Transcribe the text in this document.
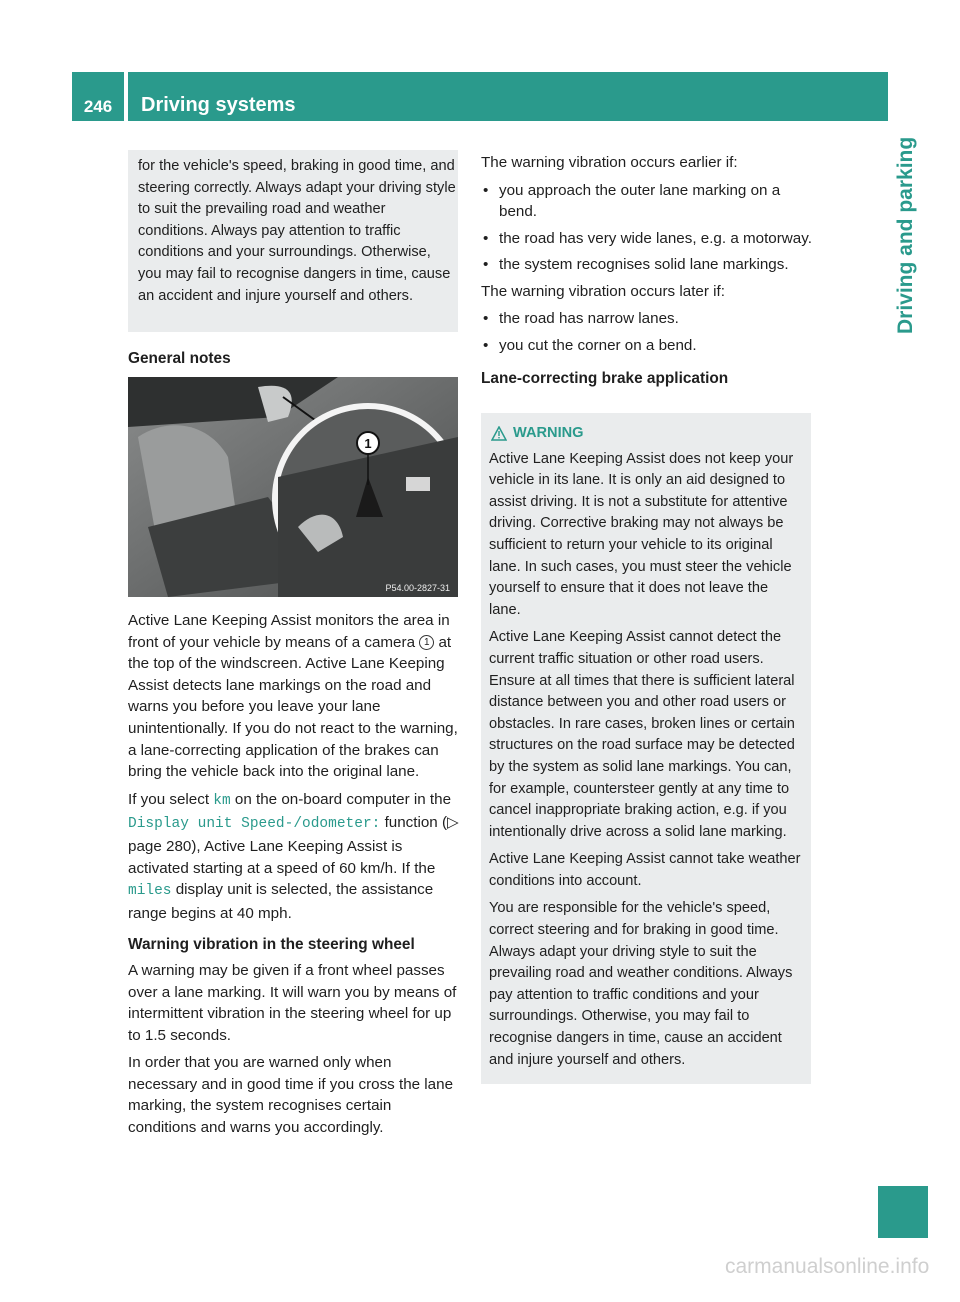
246	Driving systems
Driving and parking
for the vehicle's speed, braking in good time, and steering correctly. Always adapt your driving style to suit the prevailing road and weather conditions. Always pay attention to traffic conditions and your surroundings. Otherwise, you may fail to recognise dangers in time, cause an accident and injure yourself and others.
General notes
1
P54.00-2827-31

Active Lane Keeping Assist monitors the area in front of your vehicle by means of a camera 1 at the top of the windscreen. Active Lane Keeping Assist detects lane markings on the road and warns you before you leave your lane unintentionally. If you do not react to the warning, a lane-correcting application of the brakes can bring the vehicle back into the original lane.

If you select km on the on-board computer in the Display unit Speed-/odometer: function (▷ page 280), Active Lane Keeping Assist is activated starting at a speed of 60 km/h. If the miles display unit is selected, the assistance range begins at 40 mph.

Warning vibration in the steering wheel

A warning may be given if a front wheel passes over a lane marking. It will warn you by means of intermittent vibration in the steering wheel for up to 1.5 seconds.

In order that you are warned only when necessary and in good time if you cross the lane marking, the system recognises certain conditions and warns you accordingly.

The warning vibration occurs earlier if:

• you approach the outer lane marking on a bend.
• the road has very wide lanes, e.g. a motorway.
• the system recognises solid lane markings.

The warning vibration occurs later if:

• the road has narrow lanes.
• you cut the corner on a bend.
Lane-correcting brake application
WARNING

Active Lane Keeping Assist does not keep your vehicle in its lane. It is only an aid designed to assist driving. It is not a substitute for attentive driving. Corrective braking may not always be sufficient to return your vehicle to its original lane. In such cases, you must steer the vehicle yourself to ensure that it does not leave the lane.

Active Lane Keeping Assist cannot detect the current traffic situation or other road users. Ensure at all times that there is sufficient lateral distance between you and other road users or obstacles. In rare cases, broken lines or certain structures on the road surface may be detected by the system as solid lane markings. You can, for example, countersteer gently at any time to cancel inappropriate braking action, e.g. if you intentionally drive across a solid lane marking.

Active Lane Keeping Assist cannot take weather conditions into account.

You are responsible for the vehicle's speed, correct steering and for braking in good time. Always adapt your driving style to suit the prevailing road and weather conditions. Always pay attention to traffic conditions and your surroundings. Otherwise, you may fail to recognise dangers in time, cause an accident and injure yourself and others.

carmanualsonline.info
